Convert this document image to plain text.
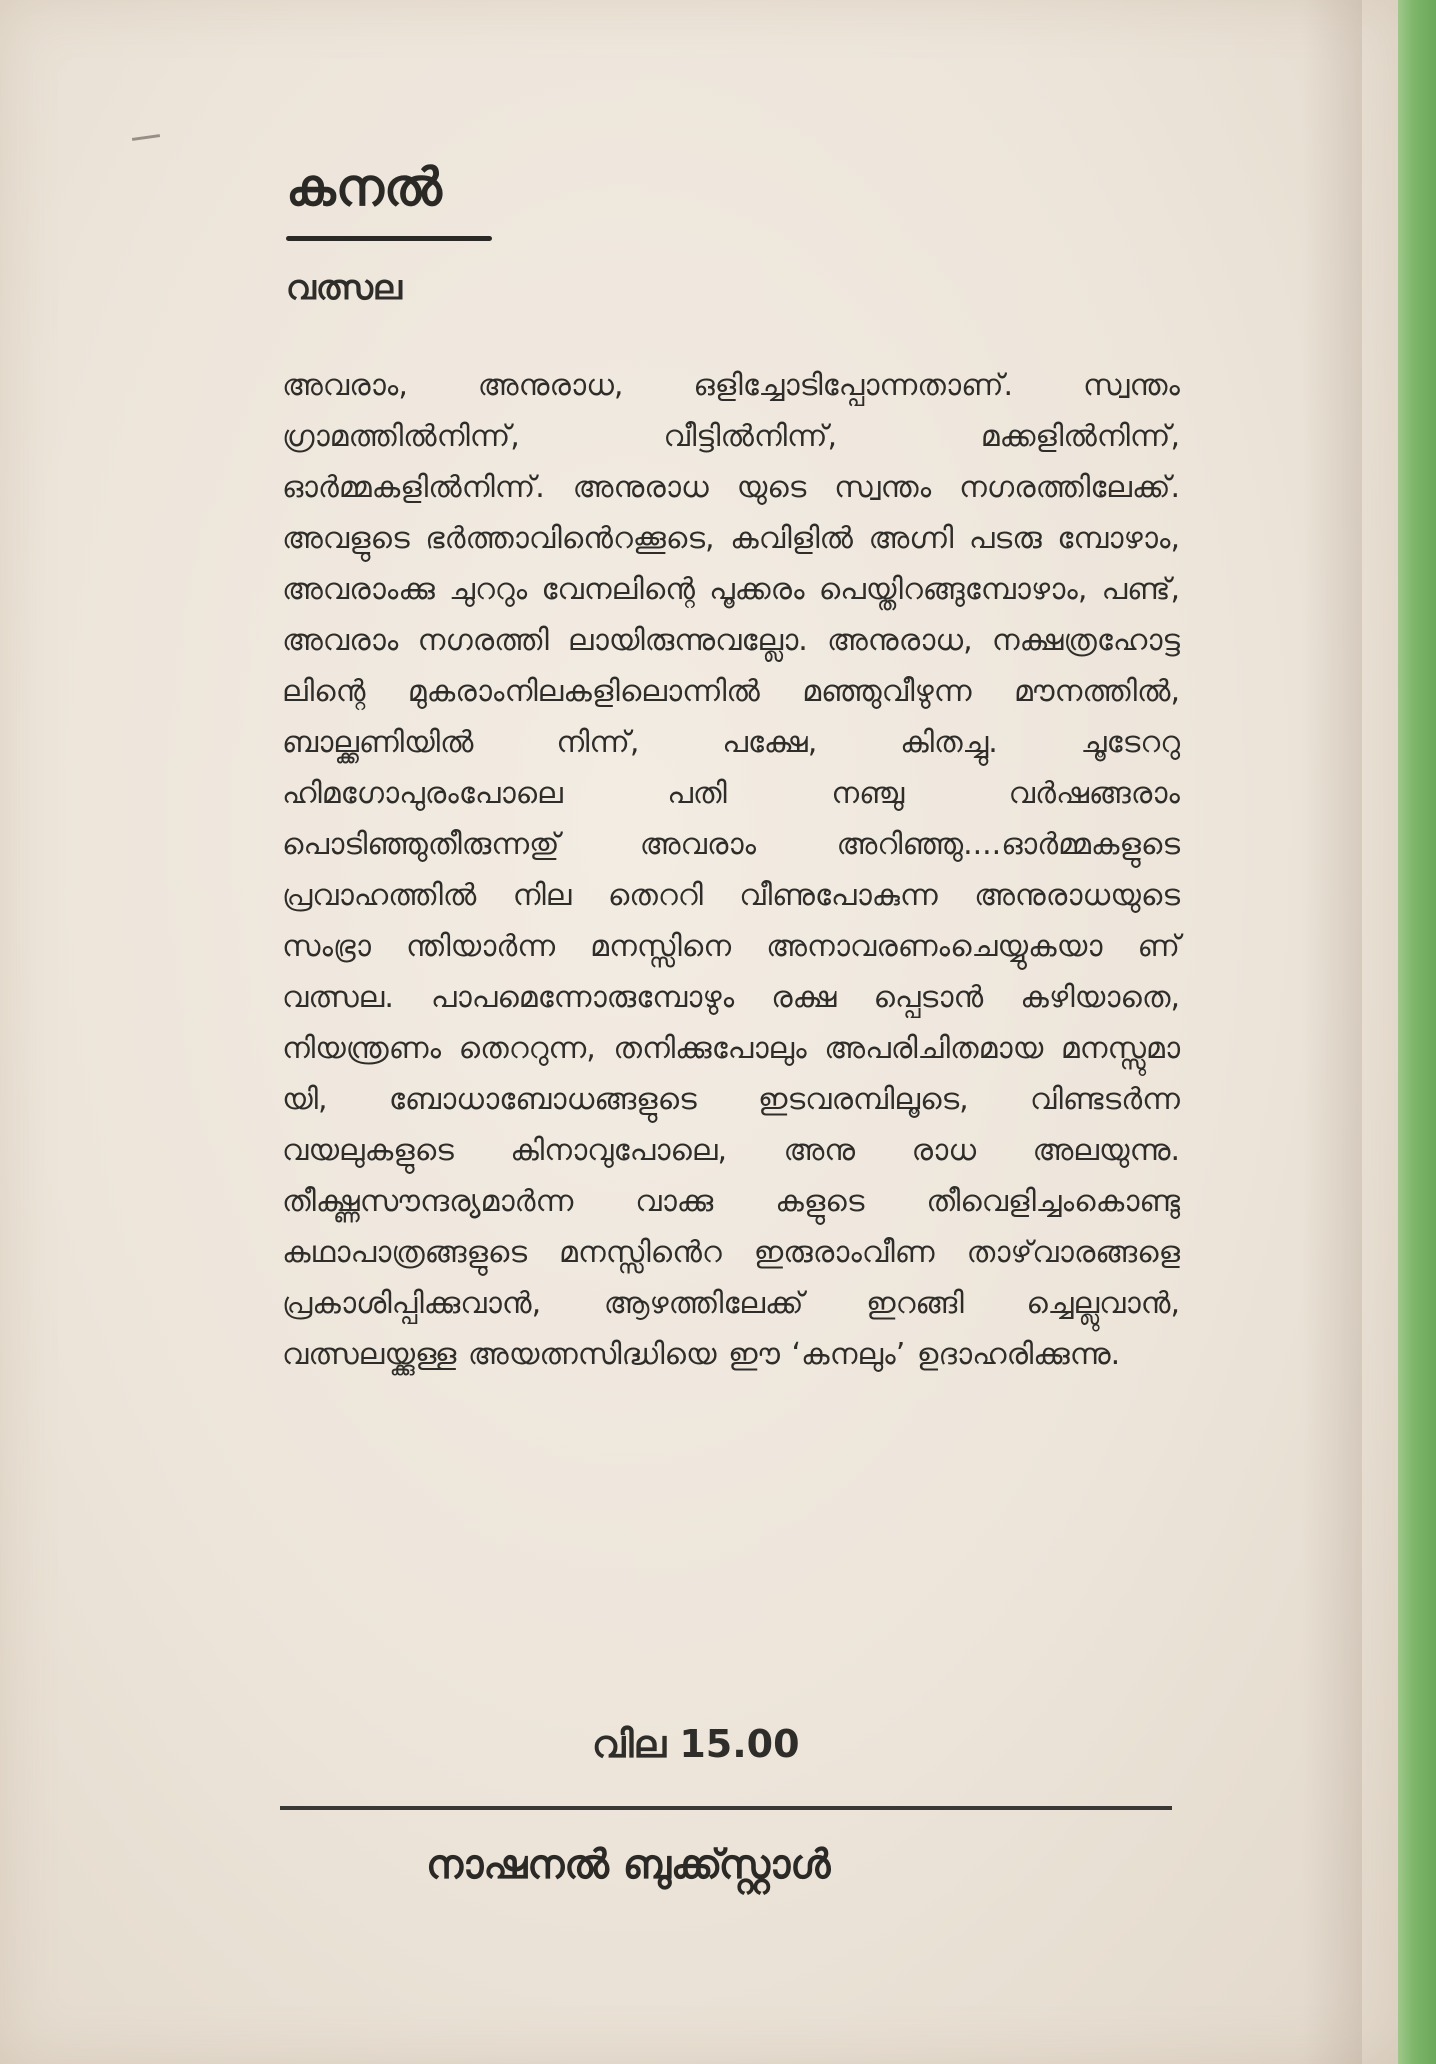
കനൽ
വത്സല
അവരാം, അനുരാധ, ഒളിച്ചോടിപ്പോന്നതാണ്. സ്വന്തം ഗ്രാമത്തിൽനിന്ന്, വീട്ടിൽനിന്ന്, മക്കളിൽനിന്ന്, ഓർമ്മകളിൽനിന്ന്. അനുരാധ യുടെ സ്വന്തം നഗരത്തിലേക്ക്. അവളുടെ ഭർത്താവിൻെറക്കൂടെ, കവിളിൽ അഗ്നി പടരു മ്പോഴാം, അവരാംക്കു ചുററും വേനലിന്റെ പൂക്കരം പെയ്തിറങ്ങുമ്പോഴാം, പണ്ട്, അവരാം നഗരത്തി ലായിരുന്നുവല്ലോ. അനുരാധ, നക്ഷത്രഹോട്ട ലിന്റെ മുകരാംനിലകളിലൊന്നിൽ മഞ്ഞുവീഴുന്ന മൗനത്തിൽ, ബാല്ക്കണിയിൽ നിന്ന്, പക്ഷേ, കിതച്ചു. ചൂടേററു ഹിമഗോപുരംപോലെ പതി നഞ്ചു വർഷങ്ങരാം പൊടിഞ്ഞുതീരുന്നതു് അവരാം അറിഞ്ഞു....ഓർമ്മകളുടെ പ്രവാഹത്തിൽ നില തെററി വീണുപോകുന്ന അനുരാധയുടെ സംഭ്രാ ന്തിയാർന്ന മനസ്സിനെ അനാവരണംചെയ്യുകയാ ണ് വത്സല. പാപമെന്നോരുമ്പോഴും രക്ഷ പ്പെടാൻ കഴിയാതെ, നിയന്ത്രണം തെററുന്ന, തനിക്കുപോലും അപരിചിതമായ മനസ്സുമാ യി, ബോധാബോധങ്ങളുടെ ഇടവരമ്പിലൂടെ, വിണ്ടടർന്ന വയലുകളുടെ കിനാവുപോലെ, അനു രാധ അലയുന്നു. തീക്ഷ്ണസൗന്ദര്യമാർന്ന വാക്കു കളുടെ തീവെളിച്ചംകൊണ്ടു കഥാപാത്രങ്ങളുടെ മനസ്സിൻെറ ഇരുരാംവീണ താഴ്‌വാരങ്ങളെ പ്രകാശിപ്പിക്കുവാൻ, ആഴത്തിലേക്ക് ഇറങ്ങി ച്ചെല്ലുവാൻ, വത്സലയ്ക്കുള്ള അയത്നസിദ്ധിയെ ഈ ‘കനലും’ ഉദാഹരിക്കുന്നു.
വില 15.00
നാഷനൽ ബുക്ക്സ്റ്റാൾ
